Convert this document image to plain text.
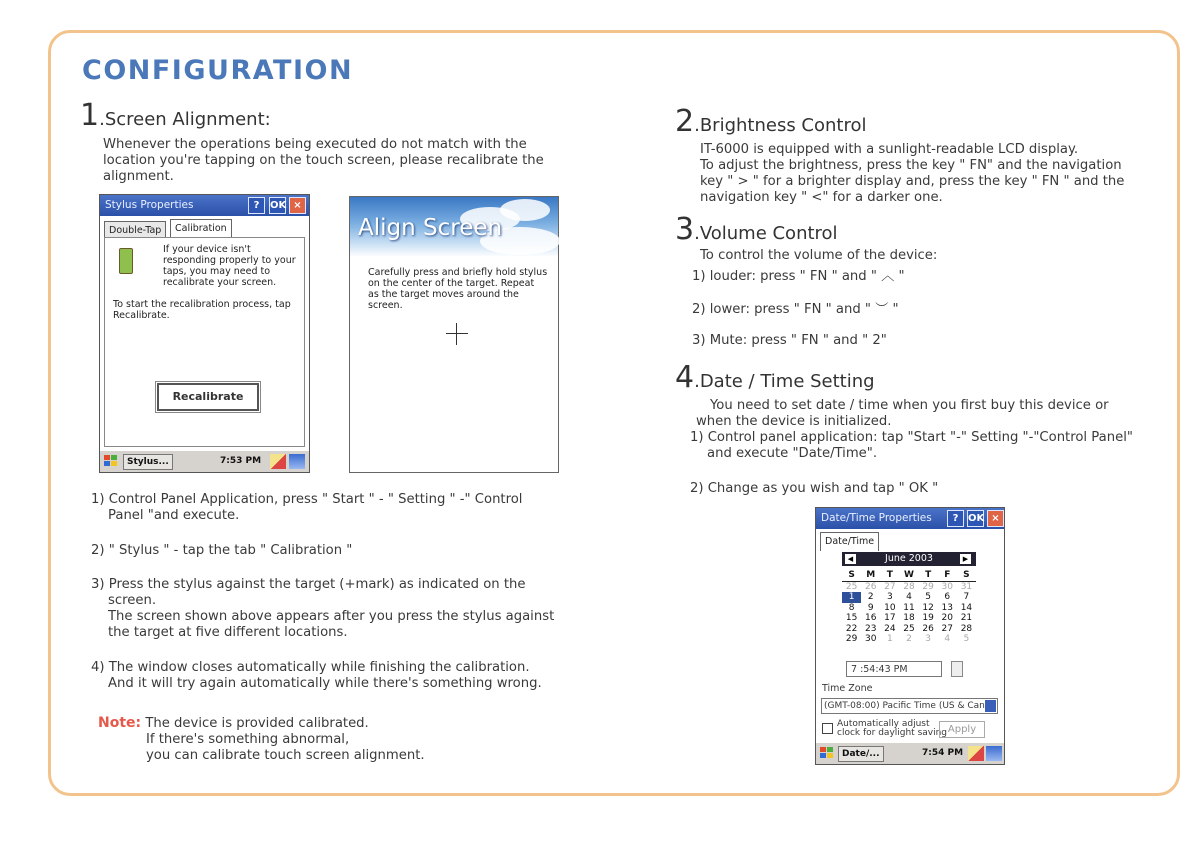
CONFIGURATION
1.Screen Alignment:
Whenever the operations being executed do not match with the
location you're tapping on the touch screen, please recalibrate the
alignment.
Stylus Properties	?	OK ×
Double-Tap	Calibration
If your device isn't
responding properly to your
taps, you may need to
recalibrate your screen.
To start the recalibration process, tap
Recalibrate.
Recalibrate
Stylus...	7:53 PM
Align Screen
Carefully press and briefly hold stylus
on the center of the target. Repeat
as the target moves around the
screen.
1) Control Panel Application, press " Start " - " Setting " -" Control
Panel "and execute.
2) " Stylus " - tap the tab " Calibration "
3) Press the stylus against the target (+mark) as indicated on the
screen.
The screen shown above appears after you press the stylus against
the target at five different locations.
4) The window closes automatically while finishing the calibration.
And it will try again automatically while there's something wrong.
Note: The device is provided calibrated.
If there's something abnormal,
you can calibrate touch screen alignment.
2.Brightness Control
IT-6000 is equipped with a sunlight-readable LCD display.
To adjust the brightness, press the key " FN" and the navigation
key " > " for a brighter display and, press the key " FN " and the
navigation key " <" for a darker one.
3.Volume Control
To control the volume of the device:
1) louder: press " FN " and " ︿ "
2) lower: press " FN " and " ︶ "
3) Mute: press " FN " and " 2"
4.Date / Time Setting
You need to set date / time when you first buy this device or
when the device is initialized.
1) Control panel application: tap "Start "-" Setting "-"Control Panel"
and execute "Date/Time".
2) Change as you wish and tap " OK "
Date/Time Properties	? OK ×
Date/Time
June 2003
◀	▶
S	M	T	W	T	F	S
25	26	27	28	29	30	31
1	2	3	4	5	6	7
8	9	10	11	12	13	14
15	16	17	18	19	20	21
22	23	24	25	26	27	28
29	30	1	2	3	4	5
7 :54:43 PM
Time Zone
(GMT-08:00) Pacific Time (US & Can
Automatically adjust
clock for daylight saving Apply
Date/...	7:54 PM
